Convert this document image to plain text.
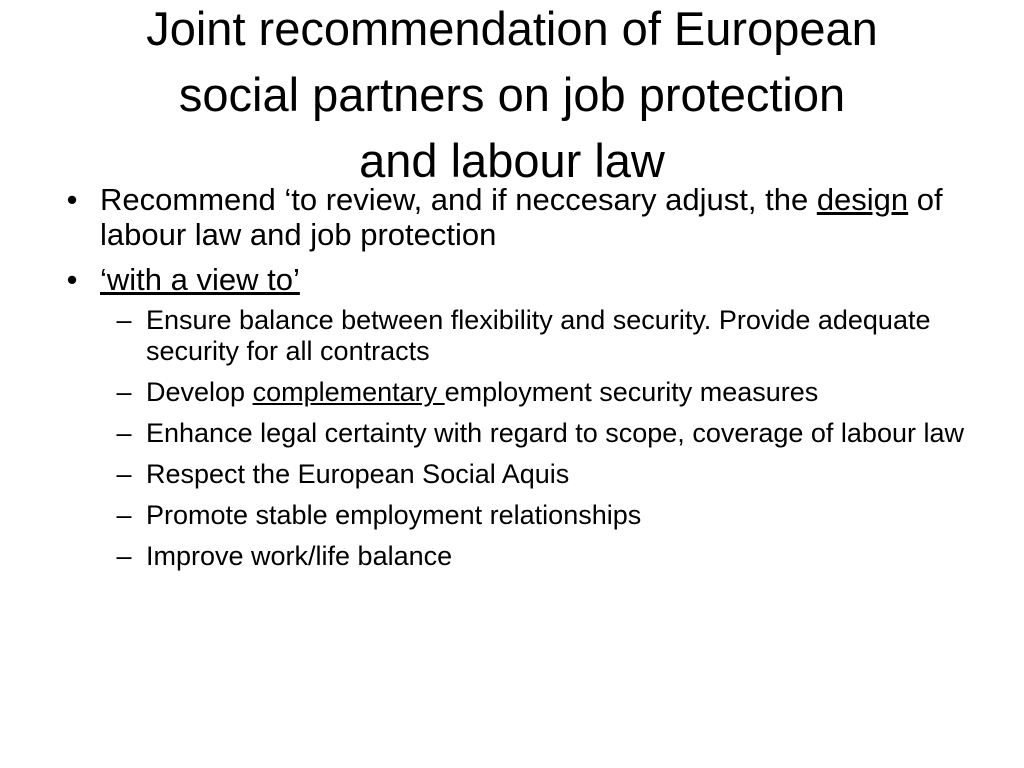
Joint recommendation of European
social partners on job protection
and labour law
• Recommend ‘to review, and if neccesary adjust, the design of labour law and job protection
• ‘with a view to’
– Ensure balance between flexibility and security. Provide adequate security for all contracts
– Develop complementary employment security measures
– Enhance legal certainty with regard to scope, coverage of labour law
– Respect the European Social Aquis
– Promote stable employment relationships
– Improve work/life balance
